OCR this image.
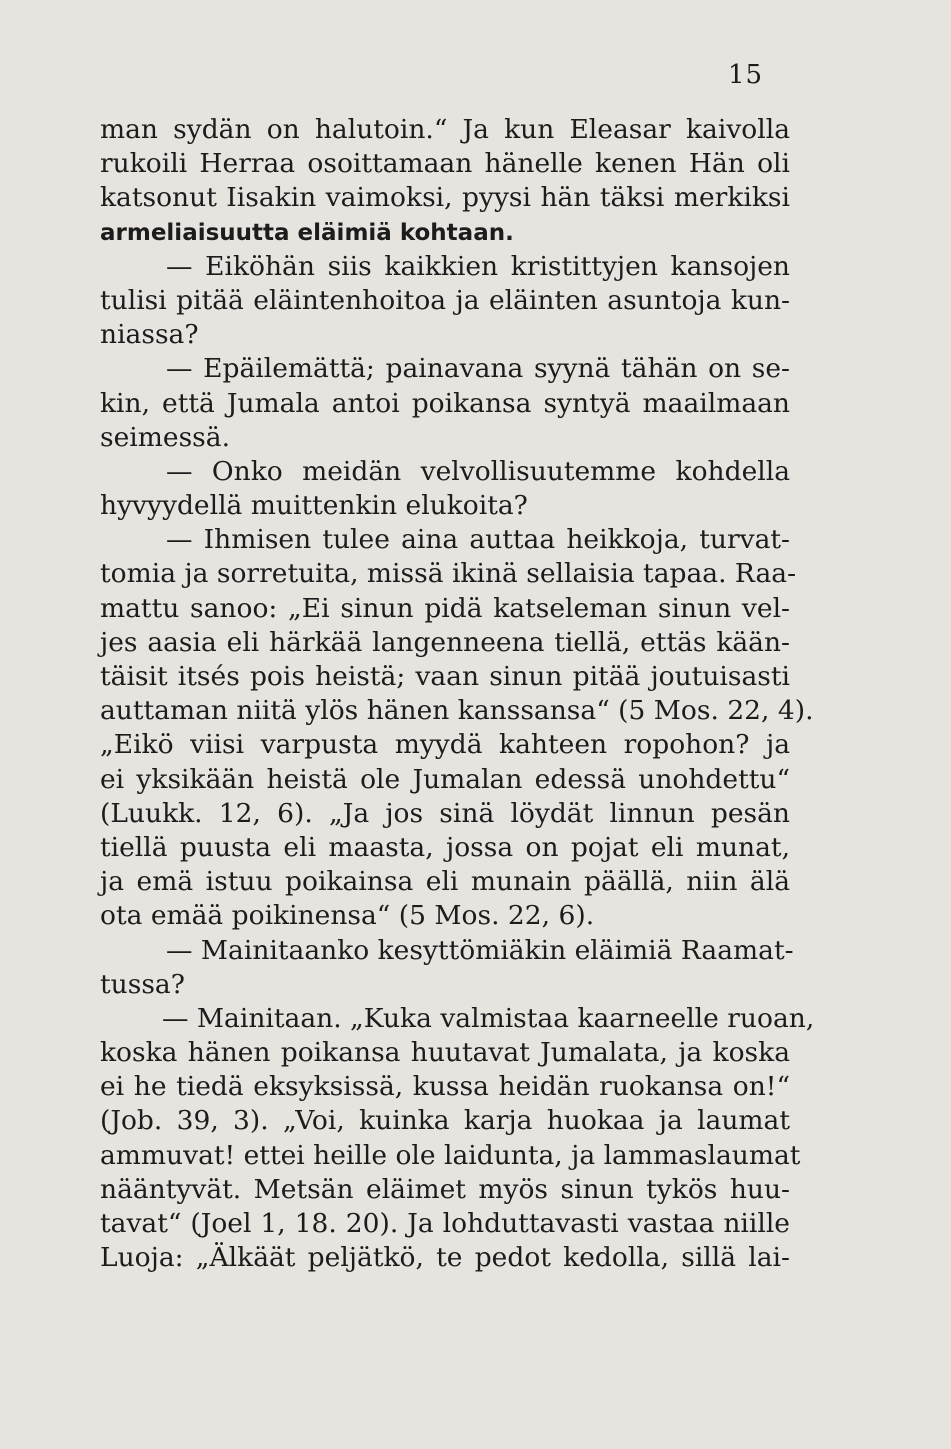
15
man sydän on halutoin.“ Ja kun Eleasar kaivolla
rukoili Herraa osoittamaan hänelle kenen Hän oli
katsonut Iisakin vaimoksi, pyysi hän täksi merkiksi
armeliaisuutta eläimiä kohtaan.
— Eiköhän siis kaikkien kristittyjen kansojen
tulisi pitää eläintenhoitoa ja eläinten asuntoja kun-
niassa?
— Epäilemättä; painavana syynä tähän on se-
kin, että Jumala antoi poikansa syntyä maailmaan
seimessä.
— Onko meidän velvollisuutemme kohdella
hyvyydellä muittenkin elukoita?
— Ihmisen tulee aina auttaa heikkoja, turvat-
tomia ja sorretuita, missä ikinä sellaisia tapaa. Raa-
mattu sanoo: „Ei sinun pidä katseleman sinun vel-
jes aasia eli härkää langenneena tiellä, ettäs kään-
täisit itsés pois heistä; vaan sinun pitää joutuisasti
auttaman niitä ylös hänen kanssansa“ (5 Mos. 22, 4).
„Eikö viisi varpusta myydä kahteen ropohon? ja
ei yksikään heistä ole Jumalan edessä unohdettu“
(Luukk. 12, 6). „Ja jos sinä löydät linnun pesän
tiellä puusta eli maasta, jossa on pojat eli munat,
ja emä istuu poikainsa eli munain päällä, niin älä
ota emää poikinensa“ (5 Mos. 22, 6).
— Mainitaanko kesyttömiäkin eläimiä Raamat-
tussa?
— Mainitaan. „Kuka valmistaa kaarneelle ruoan,
koska hänen poikansa huutavat Jumalata, ja koska
ei he tiedä eksyksissä, kussa heidän ruokansa on!“
(Job. 39, 3). „Voi, kuinka karja huokaa ja laumat
ammuvat! ettei heille ole laidunta, ja lammaslaumat
nääntyvät. Metsän eläimet myös sinun tykös huu-
tavat“ (Joel 1, 18. 20). Ja lohduttavasti vastaa niille
Luoja: „Älkäät peljätkö, te pedot kedolla, sillä lai-
